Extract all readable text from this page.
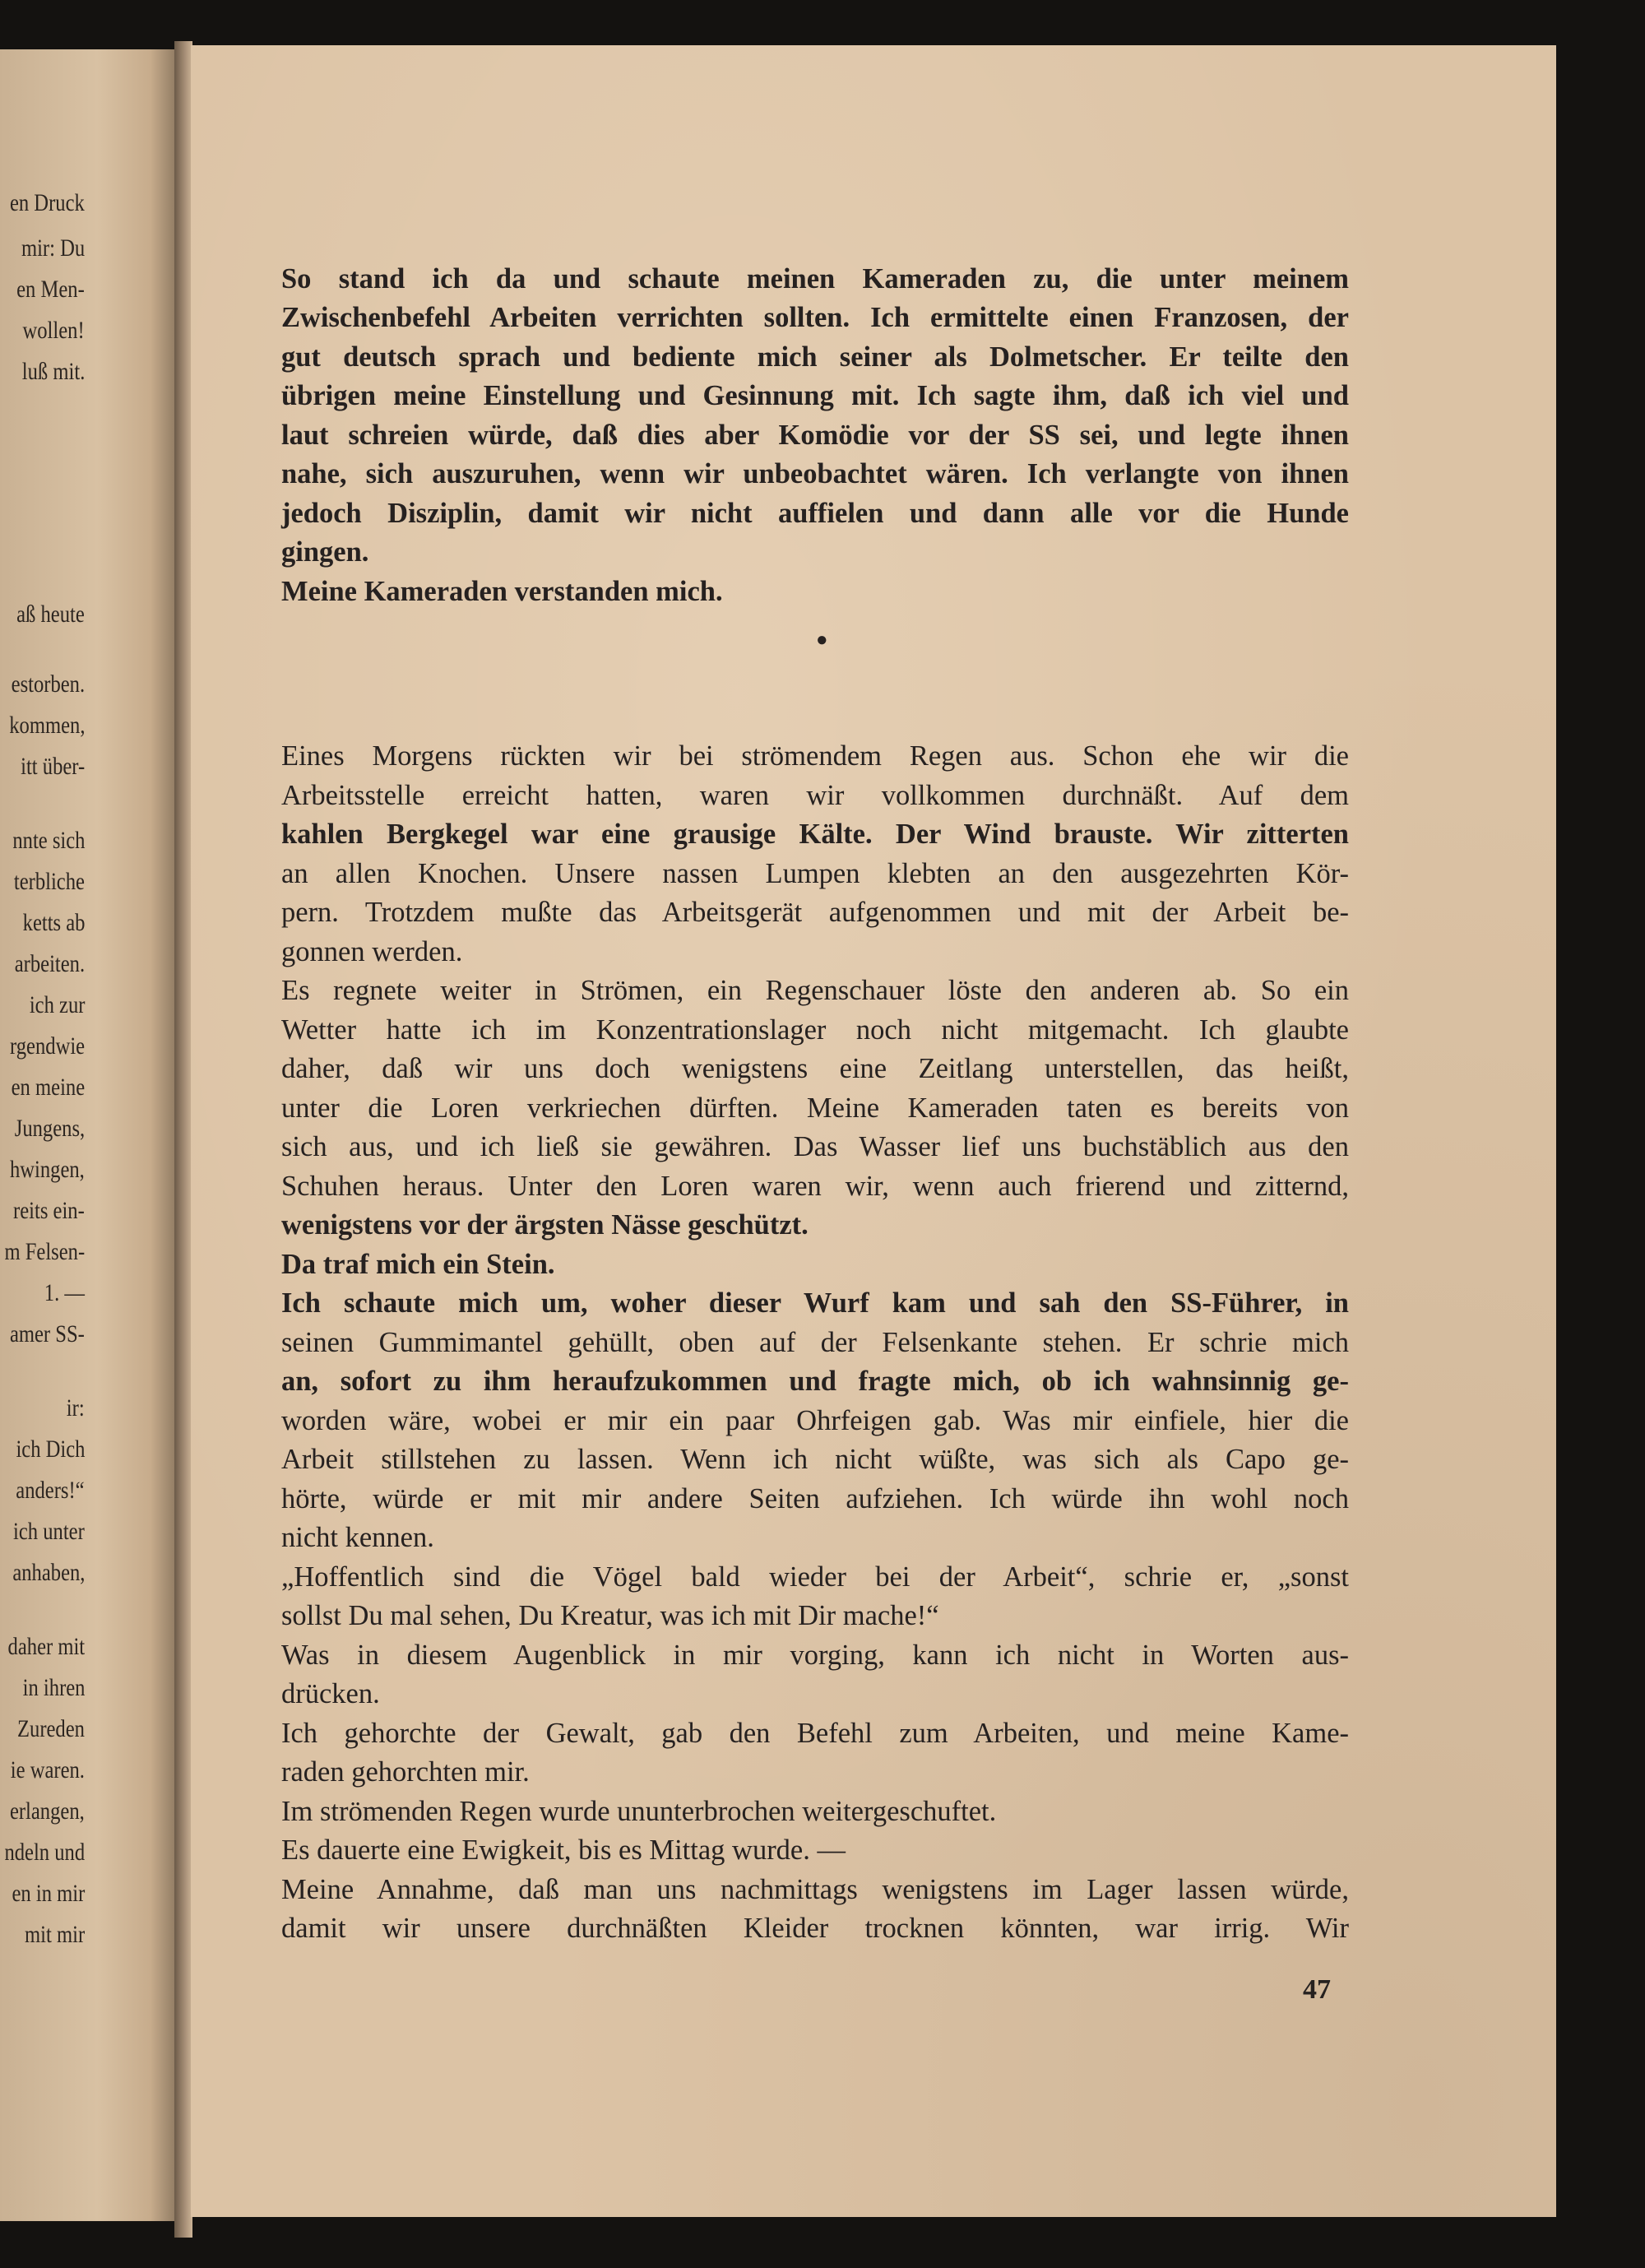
en Druck
mir: Du
en Men-
wollen!
luß mit.
aß heute
estorben.
kommen,
itt über-
nnte sich
terbliche
ketts ab
arbeiten.
ich zur
rgendwie
en meine
Jungens,
hwingen,
reits ein-
m Felsen-
1. —
amer SS-
ir:
ich Dich
anders!“
ich unter
anhaben,
daher mit
in ihren
Zureden
ie waren.
erlangen,
ndeln und
en in mir
mit mir
So stand ich da und schaute meinen Kameraden zu, die unter meinem
Zwischenbefehl Arbeiten verrichten sollten. Ich ermittelte einen Franzosen, der
gut deutsch sprach und bediente mich seiner als Dolmetscher. Er teilte den
übrigen meine Einstellung und Gesinnung mit. Ich sagte ihm, daß ich viel und
laut schreien würde, daß dies aber Komödie vor der SS sei, und legte ihnen
nahe, sich auszuruhen, wenn wir unbeobachtet wären. Ich verlangte von ihnen
jedoch Disziplin, damit wir nicht auffielen und dann alle vor die Hunde
gingen.
Meine Kameraden verstanden mich.
Eines Morgens rückten wir bei strömendem Regen aus. Schon ehe wir die
Arbeitsstelle erreicht hatten, waren wir vollkommen durchnäßt. Auf dem
kahlen Bergkegel war eine grausige Kälte. Der Wind brauste. Wir zitterten
an allen Knochen. Unsere nassen Lumpen klebten an den ausgezehrten Kör-
pern. Trotzdem mußte das Arbeitsgerät aufgenommen und mit der Arbeit be-
gonnen werden.
Es regnete weiter in Strömen, ein Regenschauer löste den anderen ab. So ein
Wetter hatte ich im Konzentrationslager noch nicht mitgemacht. Ich glaubte
daher, daß wir uns doch wenigstens eine Zeitlang unterstellen, das heißt,
unter die Loren verkriechen dürften. Meine Kameraden taten es bereits von
sich aus, und ich ließ sie gewähren. Das Wasser lief uns buchstäblich aus den
Schuhen heraus. Unter den Loren waren wir, wenn auch frierend und zitternd,
wenigstens vor der ärgsten Nässe geschützt.
Da traf mich ein Stein.
Ich schaute mich um, woher dieser Wurf kam und sah den SS-Führer, in
seinen Gummimantel gehüllt, oben auf der Felsenkante stehen. Er schrie mich
an, sofort zu ihm heraufzukommen und fragte mich, ob ich wahnsinnig ge-
worden wäre, wobei er mir ein paar Ohrfeigen gab. Was mir einfiele, hier die
Arbeit stillstehen zu lassen. Wenn ich nicht wüßte, was sich als Capo ge-
hörte, würde er mit mir andere Seiten aufziehen. Ich würde ihn wohl noch
nicht kennen.
„Hoffentlich sind die Vögel bald wieder bei der Arbeit“, schrie er, „sonst
sollst Du mal sehen, Du Kreatur, was ich mit Dir mache!“
Was in diesem Augenblick in mir vorging, kann ich nicht in Worten aus-
drücken.
Ich gehorchte der Gewalt, gab den Befehl zum Arbeiten, und meine Kame-
raden gehorchten mir.
Im strömenden Regen wurde ununterbrochen weitergeschuftet.
Es dauerte eine Ewigkeit, bis es Mittag wurde. —
Meine Annahme, daß man uns nachmittags wenigstens im Lager lassen würde,
damit wir unsere durchnäßten Kleider trocknen könnten, war irrig. Wir
●
47
